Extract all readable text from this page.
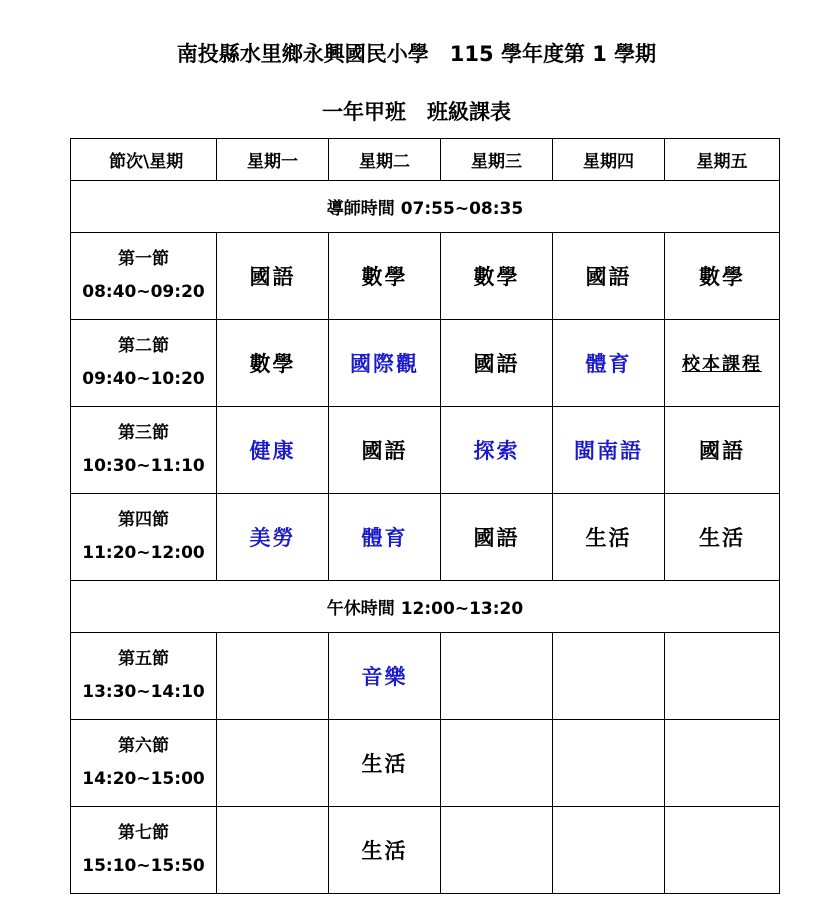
南投縣水里鄉永興國民小學　115 學年度第 1 學期
一年甲班　班級課表
節次\星期	星期一	星期二	星期三	星期四	星期五
導師時間 07:55~08:35					
第一節
08:40~09:20	國語	數學	數學	國語	數學
第二節
09:40~10:20	數學	國際觀	國語	體育	校本課程
第三節
10:30~11:10	健康	國語	探索	閩南語	國語
第四節
11:20~12:00	美勞	體育	國語	生活	生活
午休時間 12:00~13:20					
第五節
13:30~14:10		音樂			
第六節
14:20~15:00		生活			
第七節
15:10~15:50		生活			
